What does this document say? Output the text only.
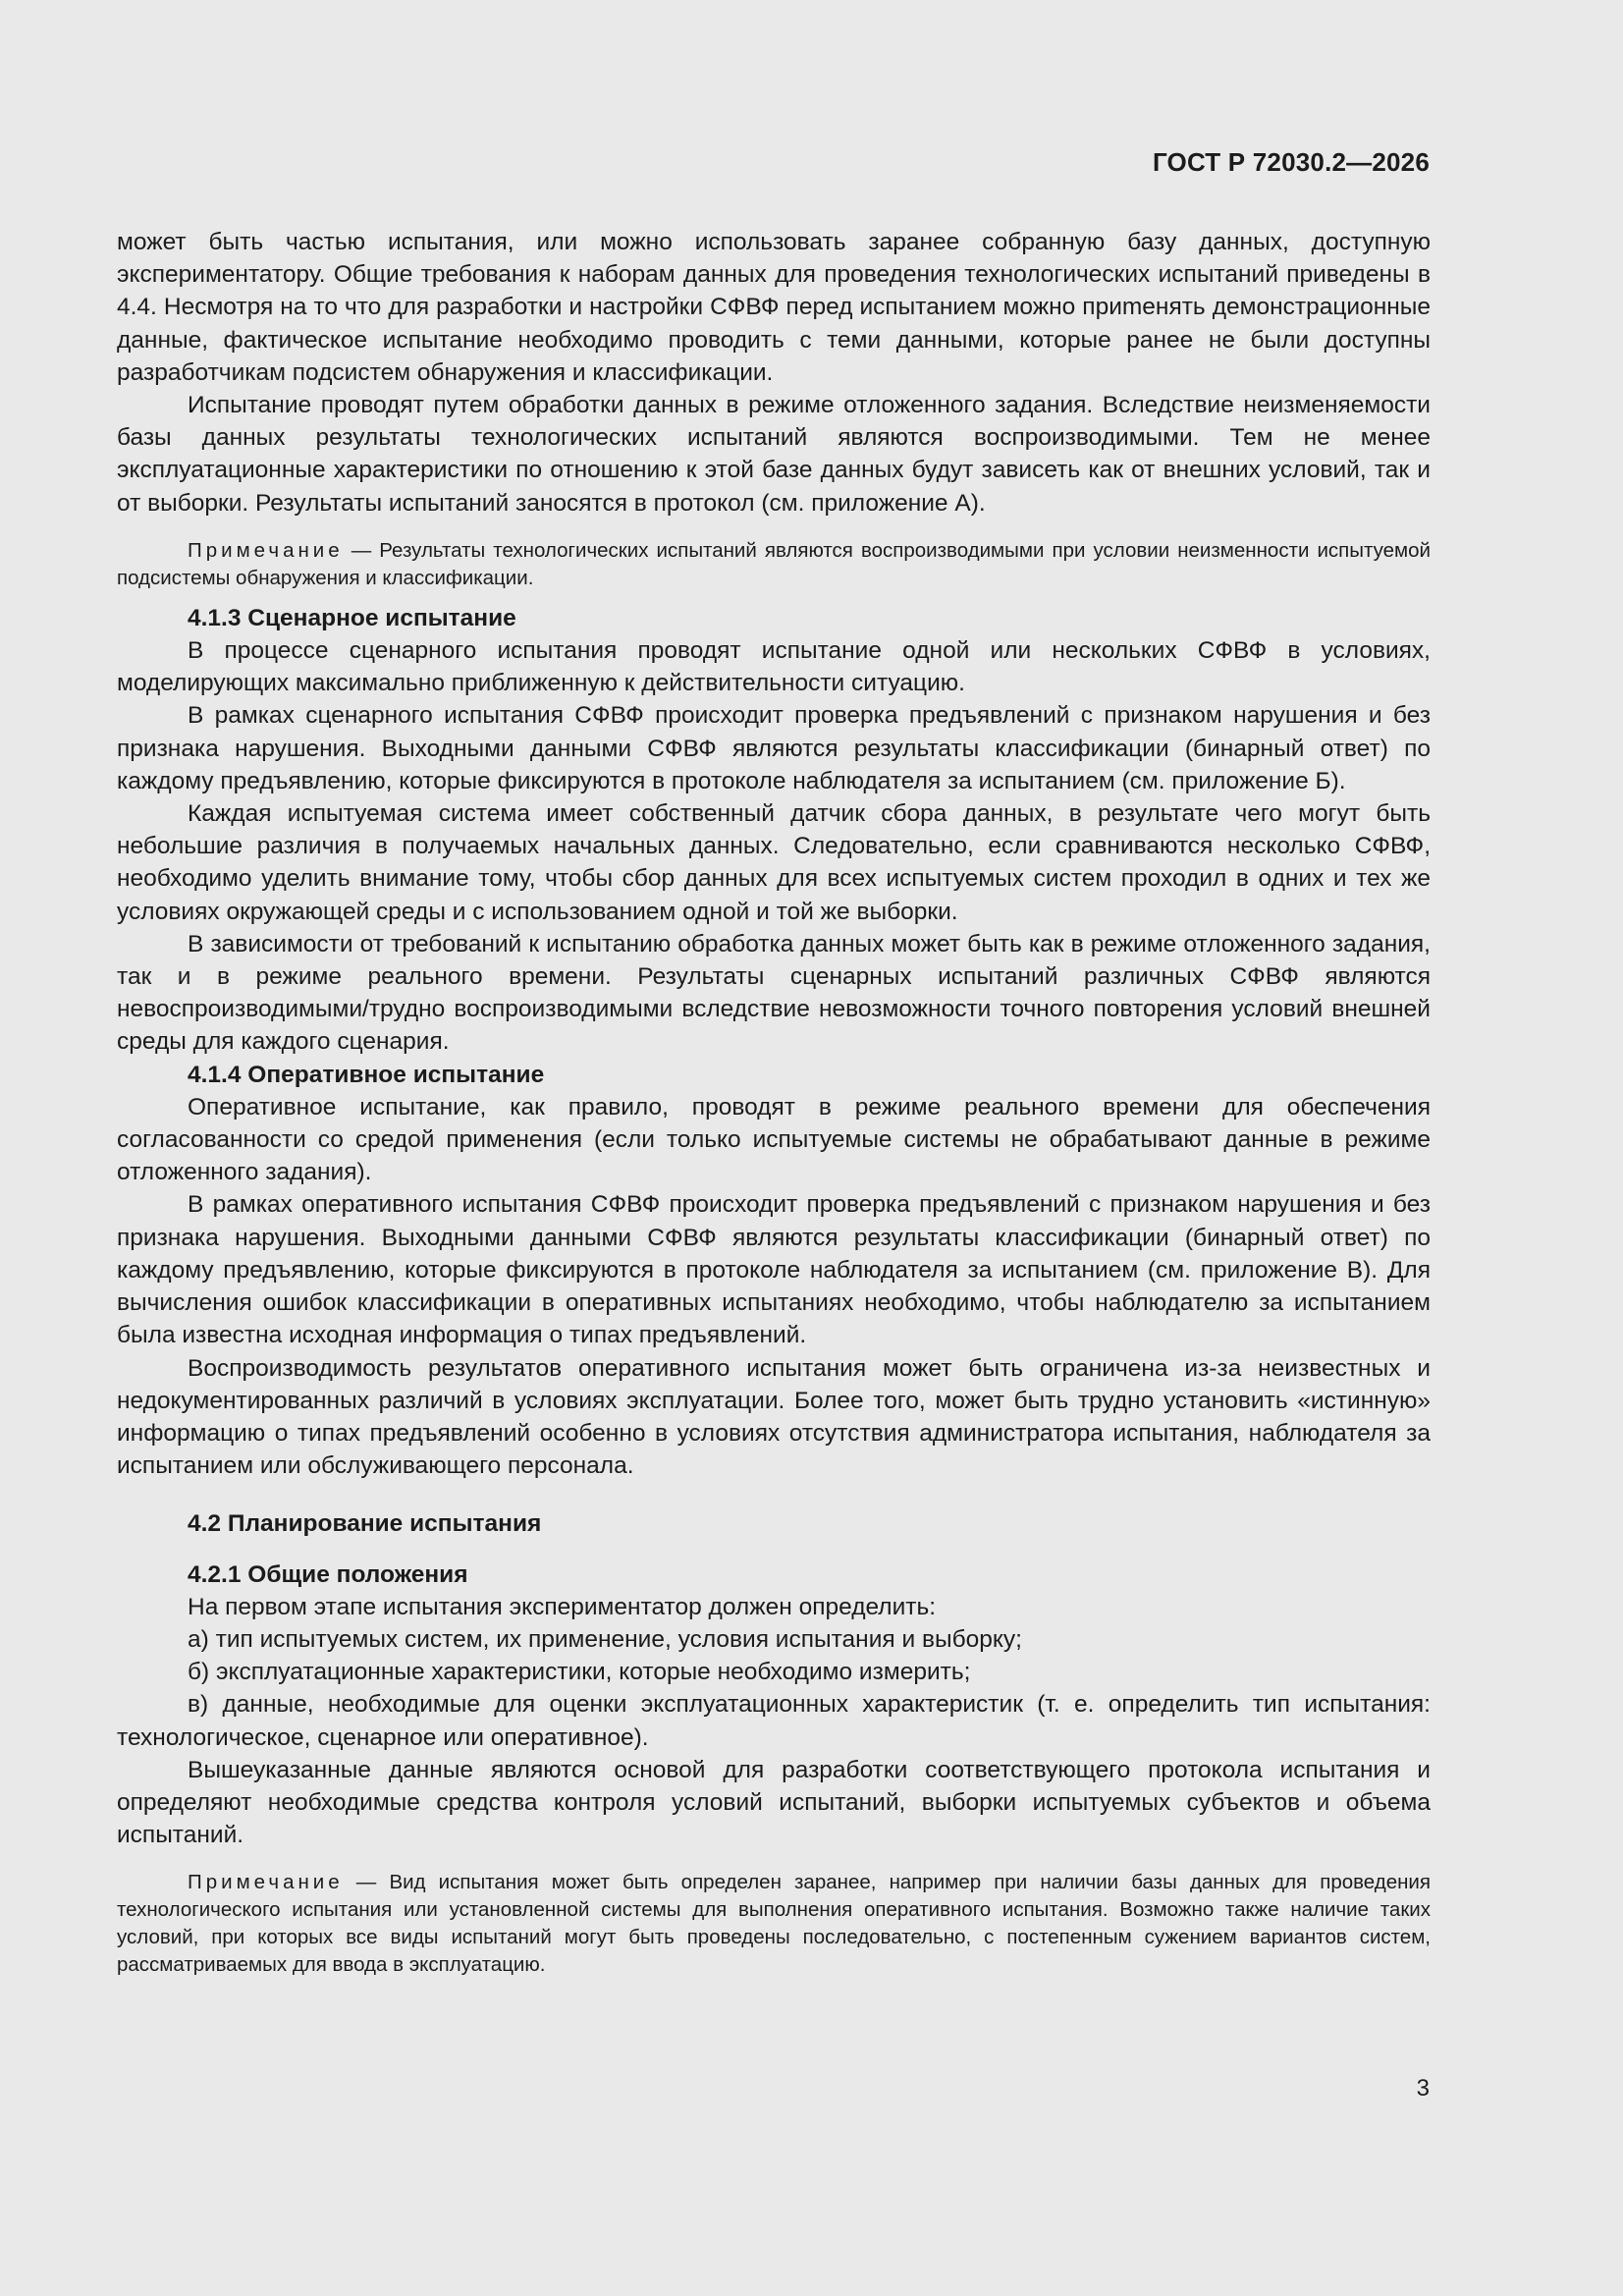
ГОСТ Р 72030.2—2026

может быть частью испытания, или можно использовать заранее собранную базу данных, доступную экспериментатору. Общие требования к наборам данных для проведения технологических испытаний приведены в 4.4. Несмотря на то что для разработки и настройки СФВФ перед испытанием можно приmенять демонстрационные данные, фактическое испытание необходимо проводить с теми данными, которые ранее не были доступны разработчикам подсистем обнаружения и классификации.

Испытание проводят путем обработки данных в режиме отложенного задания. Вследствие неизменяемости базы данных результаты технологических испытаний являются воспроизводимыми. Тем не менее эксплуатационные характеристики по отношению к этой базе данных будут зависеть как от внешних условий, так и от выборки. Результаты испытаний заносятся в протокол (см. приложение А).

Примечание — Результаты технологических испытаний являются воспроизводимыми при условии неизменности испытуемой подсистемы обнаружения и классификации.
4.1.3 Сценарное испытание

В процессе сценарного испытания проводят испытание одной или нескольких СФВФ в условиях, моделирующих максимально приближенную к действительности ситуацию.

В рамках сценарного испытания СФВФ происходит проверка предъявлений с признаком нарушения и без признака нарушения. Выходными данными СФВФ являются результаты классификации (бинарный ответ) по каждому предъявлению, которые фиксируются в протоколе наблюдателя за испытанием (см. приложение Б).

Каждая испытуемая система имеет собственный датчик сбора данных, в результате чего могут быть небольшие различия в получаемых начальных данных. Следовательно, если сравниваются несколько СФВФ, необходимо уделить внимание тому, чтобы сбор данных для всех испытуемых систем проходил в одних и тех же условиях окружающей среды и с использованием одной и той же выборки.

В зависимости от требований к испытанию обработка данных может быть как в режиме отложенного задания, так и в режиме реального времени. Результаты сценарных испытаний различных СФВФ являются невоспроизводимыми/трудно воспроизводимыми вследствие невозможности точного повторения условий внешней среды для каждого сценария.

4.1.4 Оперативное испытание

Оперативное испытание, как правило, проводят в режиме реального времени для обеспечения согласованности со средой применения (если только испытуемые системы не обрабатывают данные в режиме отложенного задания).

В рамках оперативного испытания СФВФ происходит проверка предъявлений с признаком нарушения и без признака нарушения. Выходными данными СФВФ являются результаты классификации (бинарный ответ) по каждому предъявлению, которые фиксируются в протоколе наблюдателя за испытанием (см. приложение В). Для вычисления ошибок классификации в оперативных испытаниях необходимо, чтобы наблюдателю за испытанием была известна исходная информация о типах предъявлений.

Воспроизводимость результатов оперативного испытания может быть ограничена из-за неизвестных и недокументированных различий в условиях эксплуатации. Более того, может быть трудно установить «истинную» информацию о типах предъявлений особенно в условиях отсутствия администратора испытания, наблюдателя за испытанием или обслуживающего персонала.

4.2 Планирование испытания
4.2.1 Общие положения

На первом этапе испытания экспериментатор должен определить:

а) тип испытуемых систем, их применение, условия испытания и выборку;

б) эксплуатационные характеристики, которые необходимо измерить;

в) данные, необходимые для оценки эксплуатационных характеристик (т. е. определить тип испытания: технологическое, сценарное или оперативное).

Вышеуказанные данные являются основой для разработки соответствующего протокола испытания и определяют необходимые средства контроля условий испытаний, выборки испытуемых субъектов и объема испытаний.

Примечание — Вид испытания может быть определен заранее, например при наличии базы данных для проведения технологического испытания или установленной системы для выполнения оперативного испытания. Возможно также наличие таких условий, при которых все виды испытаний могут быть проведены последовательно, с постепенным сужением вариантов систем, рассматриваемых для ввода в эксплуатацию.
3
